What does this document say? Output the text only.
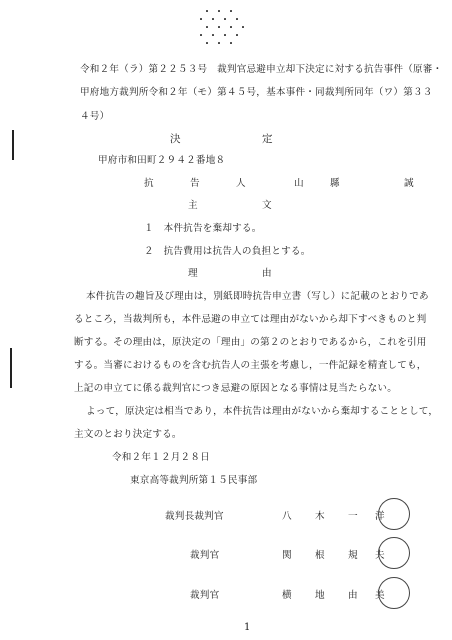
令和２年（ラ）第２２５３号　裁判官忌避申立却下決定に対する抗告事件（原審・
甲府地方裁判所令和２年（モ）第４５号，基本事件・同裁判所同年（ワ）第３３
４号）
決	定
甲府市和田町２９４２番地８
抗	告	人	山	縣	誠
主	文
１　本件抗告を棄却する。
２　抗告費用は抗告人の負担とする。
理	由
本件抗告の趣旨及び理由は，別紙即時抗告申立書（写し）に記載のとおりであ
るところ，当裁判所も，本件忌避の申立ては理由がないから却下すべきものと判
断する。その理由は，原決定の「理由」の第２のとおりであるから，これを引用
する。当審におけるものを含む抗告人の主張を考慮し，一件記録を精査しても，
上記の申立てに係る裁判官につき忌避の原因となる事情は見当たらない。
よって，原決定は相当であり，本件抗告は理由がないから棄却することとして，
主文のとおり決定する。
令和２年１２月２８日
東京高等裁判所第１５民事部
裁判長裁判官	八 木 一 洋
裁判官	関 根 規 夫
裁判官	横 地 由 美
1
